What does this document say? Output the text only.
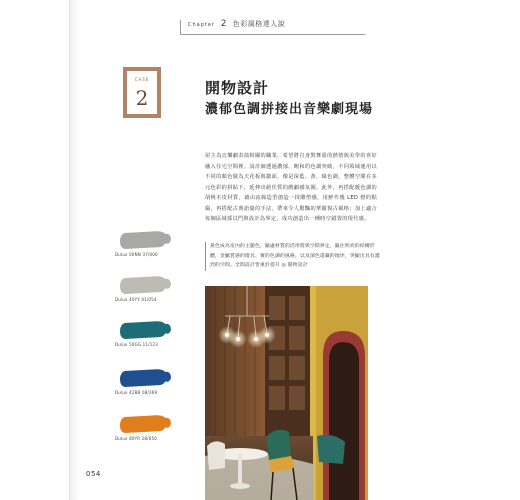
Chapter 2 色彩風格達人說
CASE
2	開物設計
濃郁色調拼接出音樂劇現場
屋主為音樂劇表演相關的職業，希望將自身對舞臺的熱情與美學的喜好融入住宅空間裡。設計師透過濃郁、飽和的色調突破，不同領域運用以不同的顏色做為天花板與牆面，像是深藍、黃、綠色調，整體空間在多元色彩的拼貼下，延伸出絕佳質的戲劇感氛圍。此外，再搭配暖色調的胡桃木皮材質，藉由流線造型創造一抹雕塑感，用鮮作幾 LED 燈的點綴，再搭配古典語彙的手法，帶來令人驚豔的華麗復古風格；加上適合每個區域採以門與設計為界定，成功創造出一種時空錯置的現代感。
Dulux 00NN 37/000
Dulux 40YY 41/054
Dulux 50GG 11/123
Dulux 42BB 08/369
Dulux 80YR 28/650
黃色成為室內的主題色，隨處材質的活用將與空間界定，隨往明亮的結構形體，金屬質感的燈具、實的色調的風格，以及深色還藏的地坪，突顯出具有濃烈的空間。全間設計皆重於提升 ◎ 開物設計
054
